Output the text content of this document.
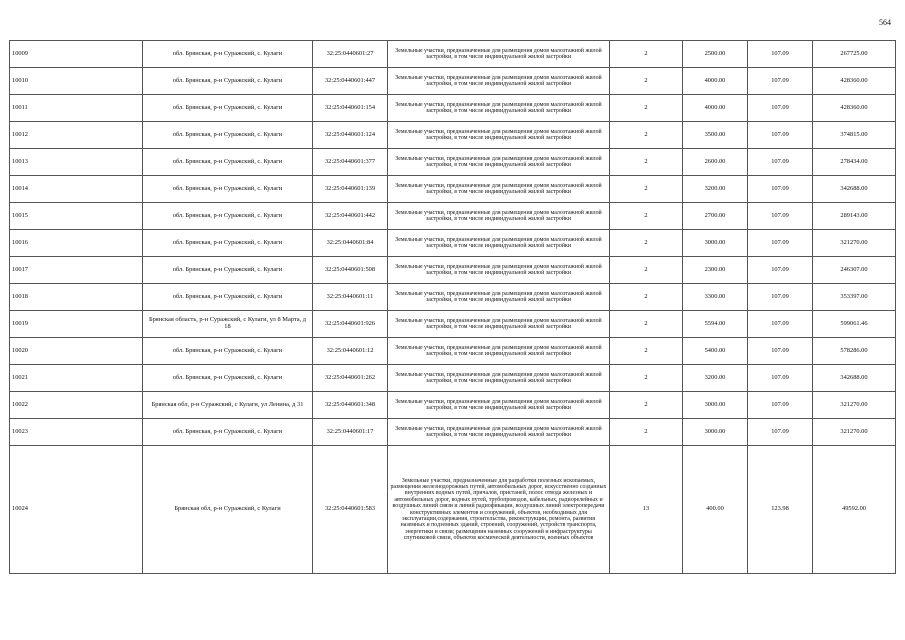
564
10009	обл. Брянская, р-н Суражский, с. Кулаги	32:25:0440601:27	Земельные участки, предназначенные для размещения домов малоэтажной жилой застройки, в том числе индивидуальной жилой застройки	2	2500.00	107.09	267725.00
10010	обл. Брянская, р-н Суражский, с. Кулаги	32:25:0440601:447	Земельные участки, предназначенные для размещения домов малоэтажной жилой застройки, в том числе индивидуальной жилой застройки	2	4000.00	107.09	428360.00
10011	обл. Брянская, р-н Суражский, с. Кулаги	32:25:0440601:154	Земельные участки, предназначенные для размещения домов малоэтажной жилой застройки, в том числе индивидуальной жилой застройки	2	4000.00	107.09	428360.00
10012	обл. Брянская, р-н Суражский, с. Кулаги	32:25:0440601:124	Земельные участки, предназначенные для размещения домов малоэтажной жилой застройки, в том числе индивидуальной жилой застройки	2	3500.00	107.09	374815.00
10013	обл. Брянская, р-н Суражский, с. Кулаги	32:25:0440601:377	Земельные участки, предназначенные для размещения домов малоэтажной жилой застройки, в том числе индивидуальной жилой застройки	2	2600.00	107.09	278434.00
10014	обл. Брянская, р-н Суражский, с. Кулаги	32:25:0440601:139	Земельные участки, предназначенные для размещения домов малоэтажной жилой застройки, в том числе индивидуальной жилой застройки	2	3200.00	107.09	342688.00
10015	обл. Брянская, р-н Суражский, с. Кулаги	32:25:0440601:442	Земельные участки, предназначенные для размещения домов малоэтажной жилой застройки, в том числе индивидуальной жилой застройки	2	2700.00	107.09	289143.00
10016	обл. Брянская, р-н Суражский, с. Кулаги	32:25:0440601:84	Земельные участки, предназначенные для размещения домов малоэтажной жилой застройки, в том числе индивидуальной жилой застройки	2	3000.00	107.09	321270.00
10017	обл. Брянская, р-н Суражский, с. Кулаги	32:25:0440601:508	Земельные участки, предназначенные для размещения домов малоэтажной жилой застройки, в том числе индивидуальной жилой застройки	2	2300.00	107.09	246307.00
10018	обл. Брянская, р-н Суражский, с. Кулаги	32:25:0440601:11	Земельные участки, предназначенные для размещения домов малоэтажной жилой застройки, в том числе индивидуальной жилой застройки	2	3300.00	107.09	353397.00
10019	Брянская область, р-н Суражский, с Кулаги, ул 8 Марта, д 18	32:25:0440601:926	Земельные участки, предназначенные для размещения домов малоэтажной жилой застройки, в том числе индивидуальной жилой застройки	2	5594.00	107.09	599061.46
10020	обл. Брянская, р-н Суражский, с. Кулаги	32:25:0440601:12	Земельные участки, предназначенные для размещения домов малоэтажной жилой застройки, в том числе индивидуальной жилой застройки	2	5400.00	107.09	578286.00
10021	обл. Брянская, р-н Суражский, с. Кулаги	32:25:0440601:262	Земельные участки, предназначенные для размещения домов малоэтажной жилой застройки, в том числе индивидуальной жилой застройки	2	3200.00	107.09	342688.00
10022	Брянская обл, р-н Суражский, с Кулаги, ул Ленина, д 31	32:25:0440601:348	Земельные участки, предназначенные для размещения домов малоэтажной жилой застройки, в том числе индивидуальной жилой застройки	2	3000.00	107.09	321270.00
10023	обл. Брянская, р-н Суражский, с. Кулаги	32:25:0440601:17	Земельные участки, предназначенные для размещения домов малоэтажной жилой застройки, в том числе индивидуальной жилой застройки	2	3000.00	107.09	321270.00
10024	Брянская обл, р-н Суражский, с Кулаги	32:25:0440601:583	Земельные участки, предназначенные для разработки полезных ископаемых, размещения железнодорожных путей, автомобильных дорог, искусственно созданных внутренних водных путей, причалов, пристаней, полос отвода железных и автомобильных дорог, водных путей, трубопроводов, кабельных, радиорелейных и воздушных линий связи и линий радиофикации, воздушных линий электропередачи конструктивных элементов и сооружений, объектов, необходимых для эксплуатации,содержания, строительства, реконструкции, ремонта, развития наземных и подземных зданий, строений, сооружений, устройств транспорта, энергетики и связи; размещения наземных сооружений и инфраструктуры спутниковой связи, объектов космической деятельности, военных объектов	13	400.00	123.98	49592.00
